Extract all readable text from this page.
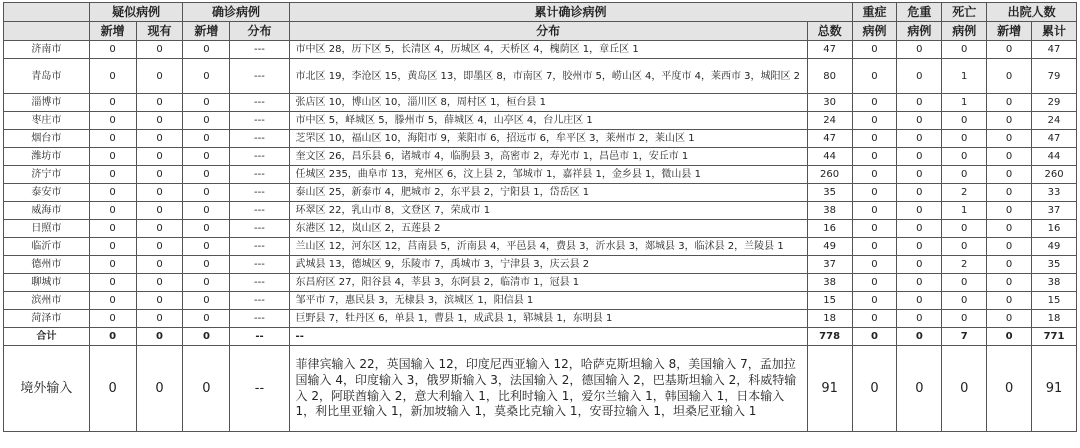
	疑似病例		确诊病例		累计确诊病例		重症	危重	死亡	出院人数	
	新增	现有	新增	分布	分布	总数	病例	病例	病例	新增	累计
济南市	0	0	0	---	市中区 28，历下区 5，长清区 4，历城区 4，天桥区 4，槐荫区 1，章丘区 1	47	0	0	0	0	47
青岛市	0	0	0	---	市北区 19，李沧区 15，黄岛区 13，即墨区 8，市南区 7，胶州市 5，崂山区 4，平度市 4，莱西市 3，城阳区 2	80	0	0	1	0	79
淄博市	0	0	0	---	张店区 10，博山区 10，淄川区 8，周村区 1，桓台县 1	30	0	0	1	0	29
枣庄市	0	0	0	---	市中区 5，峄城区 5，滕州市 5，薛城区 4，山亭区 4，台儿庄区 1	24	0	0	0	0	24
烟台市	0	0	0	---	芝罘区 10，福山区 10，海阳市 9，莱阳市 6，招远市 6，牟平区 3，莱州市 2，莱山区 1	47	0	0	0	0	47
潍坊市	0	0	0	---	奎文区 26，昌乐县 6，诸城市 4，临朐县 3，高密市 2，寿光市 1，昌邑市 1，安丘市 1	44	0	0	0	0	44
济宁市	0	0	0	---	任城区 235，曲阜市 13，兖州区 6，汶上县 2，邹城市 1，嘉祥县 1，金乡县 1，微山县 1	260	0	0	0	0	260
泰安市	0	0	0	---	泰山区 25，新泰市 4，肥城市 2，东平县 2，宁阳县 1，岱岳区 1	35	0	0	2	0	33
威海市	0	0	0	---	环翠区 22，乳山市 8，文登区 7，荣成市 1	38	0	0	1	0	37
日照市	0	0	0	---	东港区 12，岚山区 2，五莲县 2	16	0	0	0	0	16
临沂市	0	0	0	---	兰山区 12，河东区 12，莒南县 5，沂南县 4，平邑县 4，费县 3，沂水县 3，郯城县 3，临沭县 2，兰陵县 1	49	0	0	0	0	49
德州市	0	0	0	---	武城县 13，德城区 9，乐陵市 7，禹城市 3，宁津县 3，庆云县 2	37	0	0	2	0	35
聊城市	0	0	0	---	东昌府区 27，阳谷县 4，莘县 3，东阿县 2，临清市 1，冠县 1	38	0	0	0	0	38
滨州市	0	0	0	---	邹平市 7，惠民县 3，无棣县 3，滨城区 1，阳信县 1	15	0	0	0	0	15
菏泽市	0	0	0	---	巨野县 7，牡丹区 6，单县 1，曹县 1，成武县 1，郓城县 1，东明县 1	18	0	0	0	0	18
合计	0	0	0	--	--	778	0	0	7	0	771
境外输入	0	0	0	--	菲律宾输入 22，英国输入 12，印度尼西亚输入 12，哈萨克斯坦输入 8，美国输入 7，孟加拉国输入 4，印度输入 3，俄罗斯输入 3，法国输入 2，德国输入 2，巴基斯坦输入 2，科威特输入 2，阿联酋输入 2，意大利输入 1，比利时输入 1，爱尔兰输入 1，韩国输入 1，日本输入 1，利比里亚输入 1，新加坡输入 1，莫桑比克输入 1，安哥拉输入 1，坦桑尼亚输入 1	91	0	0	0	0	91
